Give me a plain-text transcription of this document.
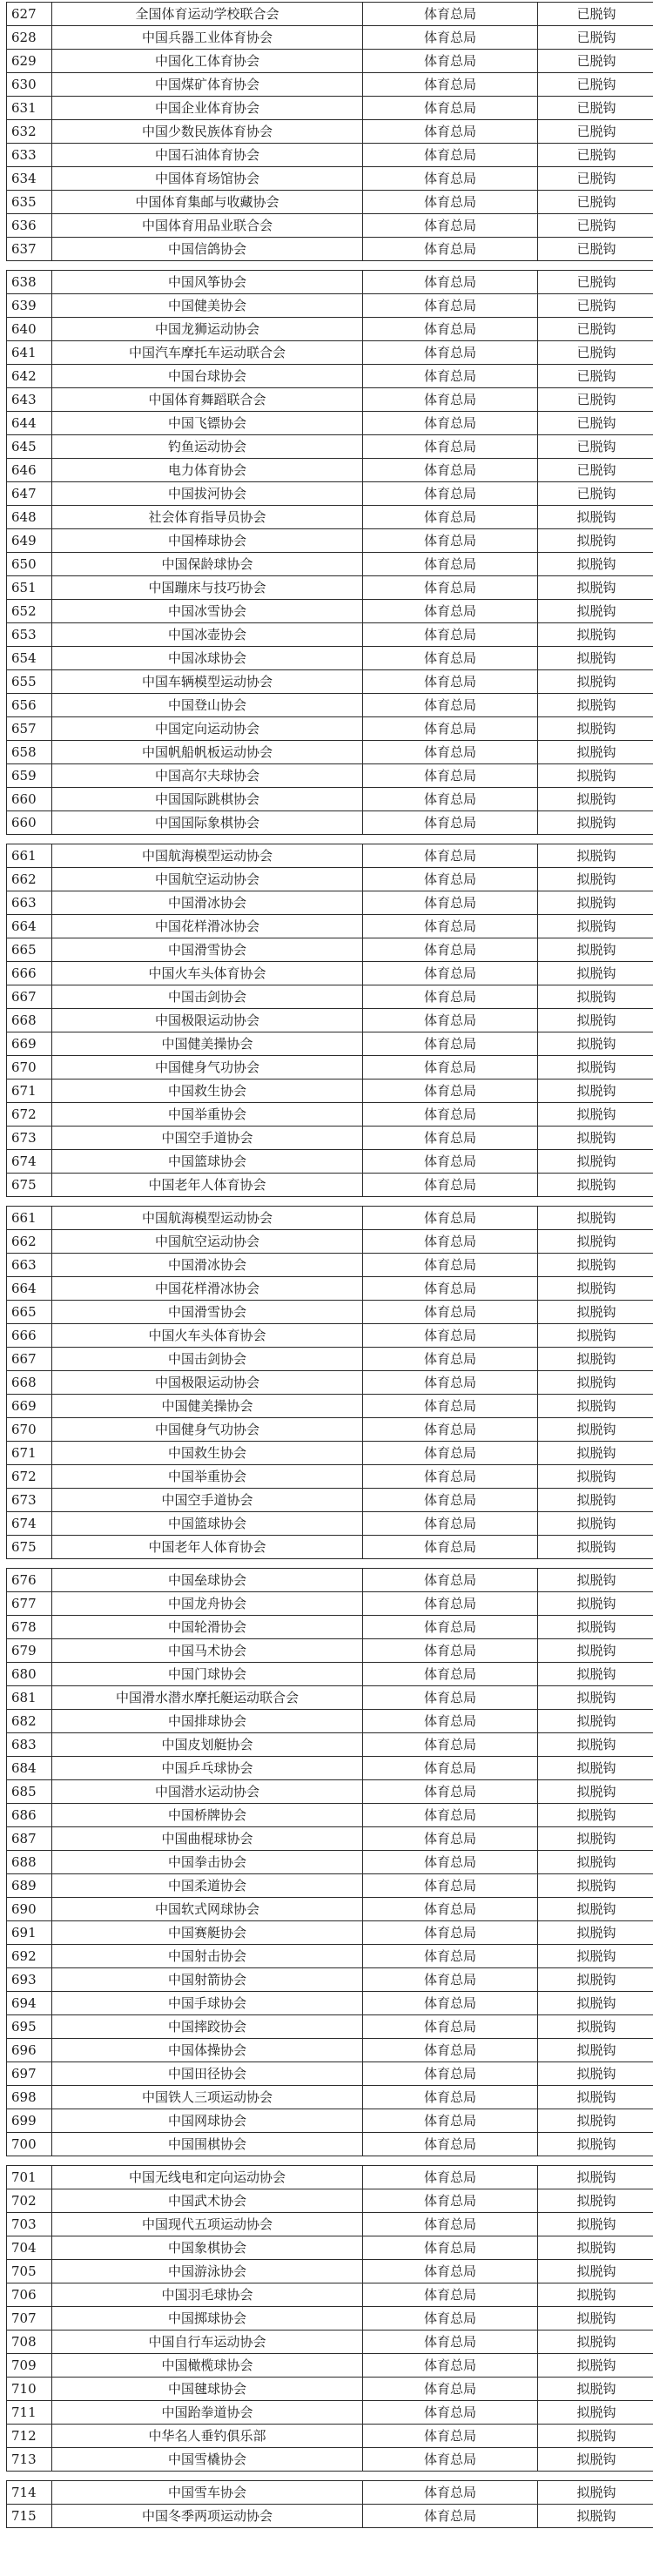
627	全国体育运动学校联合会	体育总局	已脱钩
628	中国兵器工业体育协会	体育总局	已脱钩
629	中国化工体育协会	体育总局	已脱钩
630	中国煤矿体育协会	体育总局	已脱钩
631	中国企业体育协会	体育总局	已脱钩
632	中国少数民族体育协会	体育总局	已脱钩
633	中国石油体育协会	体育总局	已脱钩
634	中国体育场馆协会	体育总局	已脱钩
635	中国体育集邮与收藏协会	体育总局	已脱钩
636	中国体育用品业联合会	体育总局	已脱钩
637	中国信鸽协会	体育总局	已脱钩
638	中国风筝协会	体育总局	已脱钩
639	中国健美协会	体育总局	已脱钩
640	中国龙狮运动协会	体育总局	已脱钩
641	中国汽车摩托车运动联合会	体育总局	已脱钩
642	中国台球协会	体育总局	已脱钩
643	中国体育舞蹈联合会	体育总局	已脱钩
644	中国飞镖协会	体育总局	已脱钩
645	钓鱼运动协会	体育总局	已脱钩
646	电力体育协会	体育总局	已脱钩
647	中国拔河协会	体育总局	已脱钩
648	社会体育指导员协会	体育总局	拟脱钩
649	中国棒球协会	体育总局	拟脱钩
650	中国保龄球协会	体育总局	拟脱钩
651	中国蹦床与技巧协会	体育总局	拟脱钩
652	中国冰雪协会	体育总局	拟脱钩
653	中国冰壶协会	体育总局	拟脱钩
654	中国冰球协会	体育总局	拟脱钩
655	中国车辆模型运动协会	体育总局	拟脱钩
656	中国登山协会	体育总局	拟脱钩
657	中国定向运动协会	体育总局	拟脱钩
658	中国帆船帆板运动协会	体育总局	拟脱钩
659	中国高尔夫球协会	体育总局	拟脱钩
660	中国国际跳棋协会	体育总局	拟脱钩
660	中国国际象棋协会	体育总局	拟脱钩
661	中国航海模型运动协会	体育总局	拟脱钩
662	中国航空运动协会	体育总局	拟脱钩
663	中国滑冰协会	体育总局	拟脱钩
664	中国花样滑冰协会	体育总局	拟脱钩
665	中国滑雪协会	体育总局	拟脱钩
666	中国火车头体育协会	体育总局	拟脱钩
667	中国击剑协会	体育总局	拟脱钩
668	中国极限运动协会	体育总局	拟脱钩
669	中国健美操协会	体育总局	拟脱钩
670	中国健身气功协会	体育总局	拟脱钩
671	中国救生协会	体育总局	拟脱钩
672	中国举重协会	体育总局	拟脱钩
673	中国空手道协会	体育总局	拟脱钩
674	中国篮球协会	体育总局	拟脱钩
675	中国老年人体育协会	体育总局	拟脱钩
661	中国航海模型运动协会	体育总局	拟脱钩
662	中国航空运动协会	体育总局	拟脱钩
663	中国滑冰协会	体育总局	拟脱钩
664	中国花样滑冰协会	体育总局	拟脱钩
665	中国滑雪协会	体育总局	拟脱钩
666	中国火车头体育协会	体育总局	拟脱钩
667	中国击剑协会	体育总局	拟脱钩
668	中国极限运动协会	体育总局	拟脱钩
669	中国健美操协会	体育总局	拟脱钩
670	中国健身气功协会	体育总局	拟脱钩
671	中国救生协会	体育总局	拟脱钩
672	中国举重协会	体育总局	拟脱钩
673	中国空手道协会	体育总局	拟脱钩
674	中国篮球协会	体育总局	拟脱钩
675	中国老年人体育协会	体育总局	拟脱钩
676	中国垒球协会	体育总局	拟脱钩
677	中国龙舟协会	体育总局	拟脱钩
678	中国轮滑协会	体育总局	拟脱钩
679	中国马术协会	体育总局	拟脱钩
680	中国门球协会	体育总局	拟脱钩
681	中国滑水潜水摩托艇运动联合会	体育总局	拟脱钩
682	中国排球协会	体育总局	拟脱钩
683	中国皮划艇协会	体育总局	拟脱钩
684	中国乒乓球协会	体育总局	拟脱钩
685	中国潜水运动协会	体育总局	拟脱钩
686	中国桥牌协会	体育总局	拟脱钩
687	中国曲棍球协会	体育总局	拟脱钩
688	中国拳击协会	体育总局	拟脱钩
689	中国柔道协会	体育总局	拟脱钩
690	中国软式网球协会	体育总局	拟脱钩
691	中国赛艇协会	体育总局	拟脱钩
692	中国射击协会	体育总局	拟脱钩
693	中国射箭协会	体育总局	拟脱钩
694	中国手球协会	体育总局	拟脱钩
695	中国摔跤协会	体育总局	拟脱钩
696	中国体操协会	体育总局	拟脱钩
697	中国田径协会	体育总局	拟脱钩
698	中国铁人三项运动协会	体育总局	拟脱钩
699	中国网球协会	体育总局	拟脱钩
700	中国围棋协会	体育总局	拟脱钩
701	中国无线电和定向运动协会	体育总局	拟脱钩
702	中国武术协会	体育总局	拟脱钩
703	中国现代五项运动协会	体育总局	拟脱钩
704	中国象棋协会	体育总局	拟脱钩
705	中国游泳协会	体育总局	拟脱钩
706	中国羽毛球协会	体育总局	拟脱钩
707	中国掷球协会	体育总局	拟脱钩
708	中国自行车运动协会	体育总局	拟脱钩
709	中国橄榄球协会	体育总局	拟脱钩
710	中国毽球协会	体育总局	拟脱钩
711	中国跆拳道协会	体育总局	拟脱钩
712	中华名人垂钓俱乐部	体育总局	拟脱钩
713	中国雪橇协会	体育总局	拟脱钩
714	中国雪车协会	体育总局	拟脱钩
715	中国冬季两项运动协会	体育总局	拟脱钩
